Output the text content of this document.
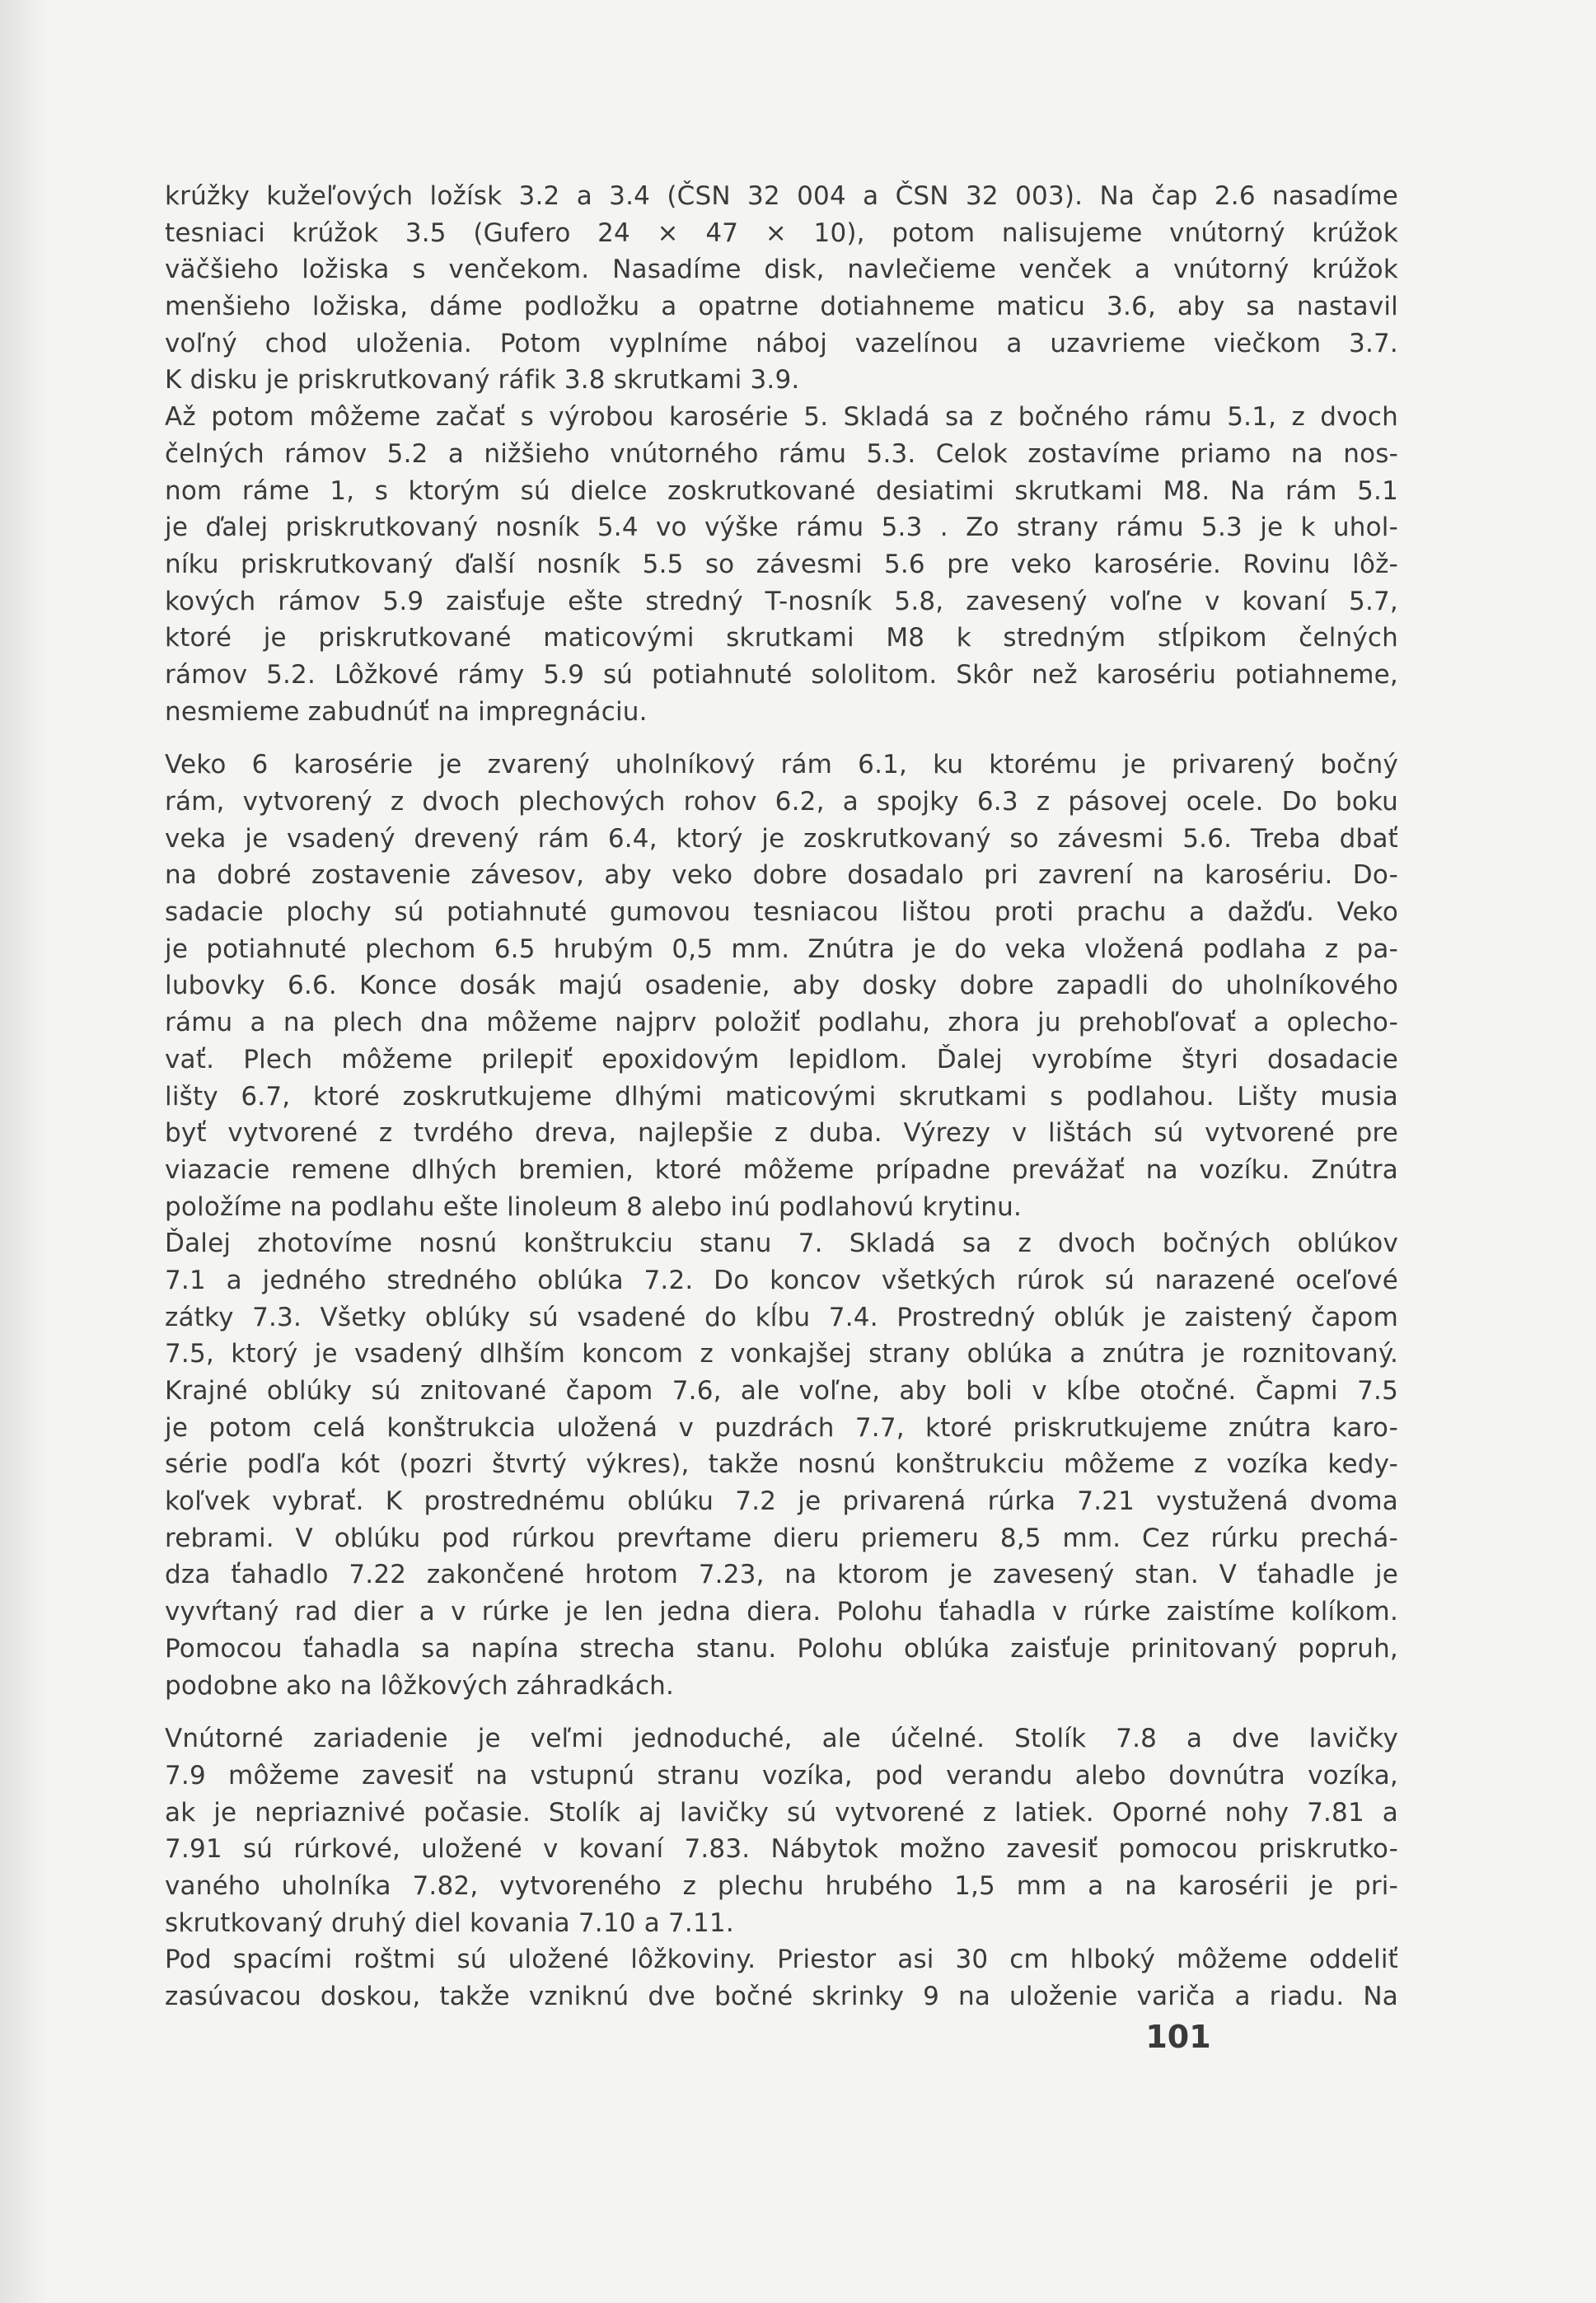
krúžky kužeľových ložísk 3.2 a 3.4 (ČSN 32 004 a ČSN 32 003). Na čap 2.6 nasadíme
tesniaci krúžok 3.5 (Gufero 24 × 47 × 10), potom nalisujeme vnútorný krúžok
väčšieho ložiska s venčekom. Nasadíme disk, navlečieme venček a vnútorný krúžok
menšieho ložiska, dáme podložku a opatrne dotiahneme maticu 3.6, aby sa nastavil
voľný chod uloženia. Potom vyplníme náboj vazelínou a uzavrieme viečkom 3.7.
K disku je priskrutkovaný ráfik 3.8 skrutkami 3.9.
Až potom môžeme začať s výrobou karosérie 5. Skladá sa z bočného rámu 5.1, z dvoch
čelných rámov 5.2 a nižšieho vnútorného rámu 5.3. Celok zostavíme priamo na nos-
nom ráme 1, s ktorým sú dielce zoskrutkované desiatimi skrutkami M8. Na rám 5.1
je ďalej priskrutkovaný nosník 5.4 vo výške rámu 5.3 . Zo strany rámu 5.3 je k uhol-
níku priskrutkovaný ďalší nosník 5.5 so závesmi 5.6 pre veko karosérie. Rovinu lôž-
kových rámov 5.9 zaisťuje ešte stredný T-nosník 5.8, zavesený voľne v kovaní 5.7,
ktoré je priskrutkované maticovými skrutkami M8 k stredným stĺpikom čelných
rámov 5.2. Lôžkové rámy 5.9 sú potiahnuté sololitom. Skôr než karosériu potiahneme,
nesmieme zabudnúť na impregnáciu.
Veko 6 karosérie je zvarený uholníkový rám 6.1, ku ktorému je privarený bočný
rám, vytvorený z dvoch plechových rohov 6.2, a spojky 6.3 z pásovej ocele. Do boku
veka je vsadený drevený rám 6.4, ktorý je zoskrutkovaný so závesmi 5.6. Treba dbať
na dobré zostavenie závesov, aby veko dobre dosadalo pri zavrení na karosériu. Do-
sadacie plochy sú potiahnuté gumovou tesniacou lištou proti prachu a dažďu. Veko
je potiahnuté plechom 6.5 hrubým 0,5 mm. Znútra je do veka vložená podlaha z pa-
lubovky 6.6. Konce dosák majú osadenie, aby dosky dobre zapadli do uholníkového
rámu a na plech dna môžeme najprv položiť podlahu, zhora ju prehobľovať a oplecho-
vať. Plech môžeme prilepiť epoxidovým lepidlom. Ďalej vyrobíme štyri dosadacie
lišty 6.7, ktoré zoskrutkujeme dlhými maticovými skrutkami s podlahou. Lišty musia
byť vytvorené z tvrdého dreva, najlepšie z duba. Výrezy v lištách sú vytvorené pre
viazacie remene dlhých bremien, ktoré môžeme prípadne prevážať na vozíku. Znútra
položíme na podlahu ešte linoleum 8 alebo inú podlahovú krytinu.
Ďalej zhotovíme nosnú konštrukciu stanu 7. Skladá sa z dvoch bočných oblúkov
7.1 a jedného stredného oblúka 7.2. Do koncov všetkých rúrok sú narazené oceľové
zátky 7.3. Všetky oblúky sú vsadené do kĺbu 7.4. Prostredný oblúk je zaistený čapom
7.5, ktorý je vsadený dlhším koncom z vonkajšej strany oblúka a znútra je roznitovaný.
Krajné oblúky sú znitované čapom 7.6, ale voľne, aby boli v kĺbe otočné. Čapmi 7.5
je potom celá konštrukcia uložená v puzdrách 7.7, ktoré priskrutkujeme znútra karo-
série podľa kót (pozri štvrtý výkres), takže nosnú konštrukciu môžeme z vozíka kedy-
koľvek vybrať. K prostrednému oblúku 7.2 je privarená rúrka 7.21 vystužená dvoma
rebrami. V oblúku pod rúrkou prevŕtame dieru priemeru 8,5 mm. Cez rúrku prechá-
dza ťahadlo 7.22 zakončené hrotom 7.23, na ktorom je zavesený stan. V ťahadle je
vyvŕtaný rad dier a v rúrke je len jedna diera. Polohu ťahadla v rúrke zaistíme kolíkom.
Pomocou ťahadla sa napína strecha stanu. Polohu oblúka zaisťuje prinitovaný popruh,
podobne ako na lôžkových záhradkách.
Vnútorné zariadenie je veľmi jednoduché, ale účelné. Stolík 7.8 a dve lavičky
7.9 môžeme zavesiť na vstupnú stranu vozíka, pod verandu alebo dovnútra vozíka,
ak je nepriaznivé počasie. Stolík aj lavičky sú vytvorené z latiek. Oporné nohy 7.81 a
7.91 sú rúrkové, uložené v kovaní 7.83. Nábytok možno zavesiť pomocou priskrutko-
vaného uholníka 7.82, vytvoreného z plechu hrubého 1,5 mm a na karosérii je pri-
skrutkovaný druhý diel kovania 7.10 a 7.11.
Pod spacími roštmi sú uložené lôžkoviny. Priestor asi 30 cm hlboký môžeme oddeliť
zasúvacou doskou, takže vzniknú dve bočné skrinky 9 na uloženie variča a riadu. Na
101
